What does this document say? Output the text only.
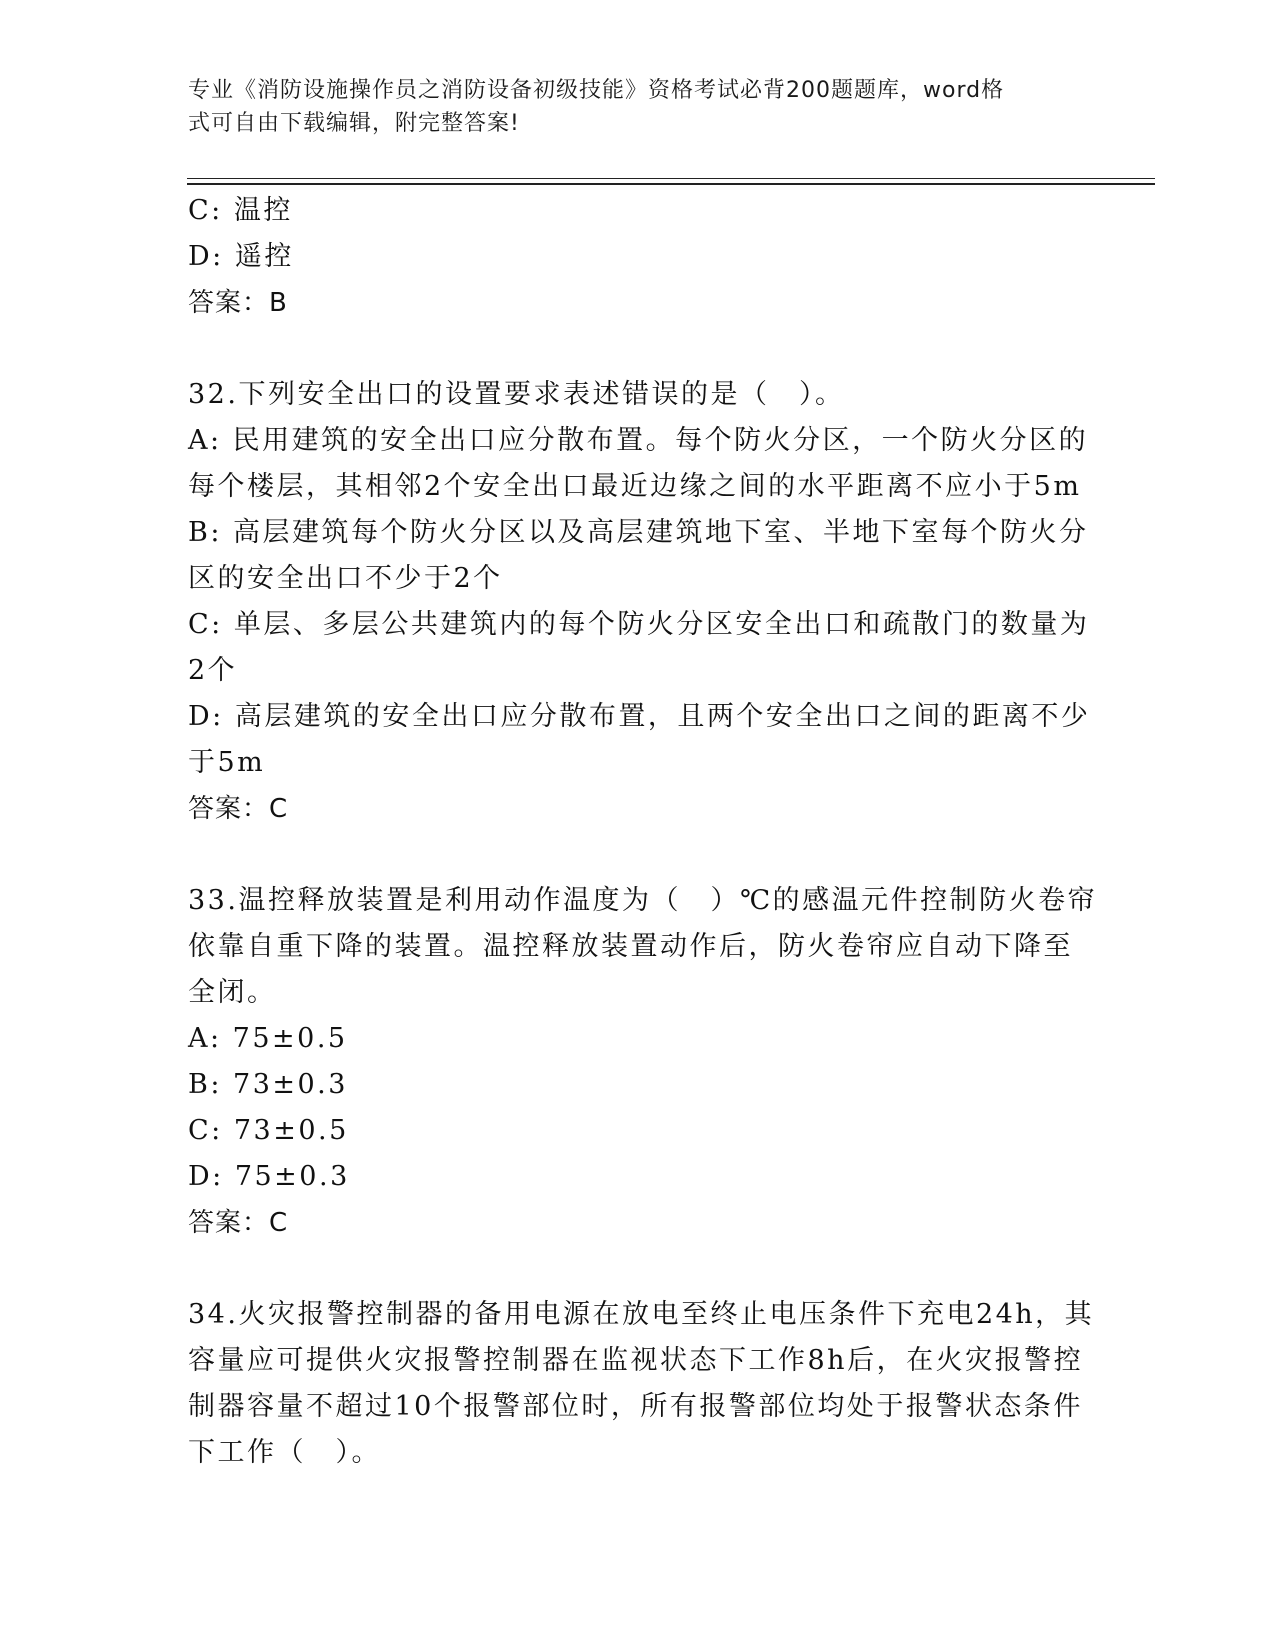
专业《消防设施操作员之消防设备初级技能》资格考试必背200题题库，word格
式可自由下载编辑，附完整答案!
C: 温控
D: 遥控
答案：B
32.下列安全出口的设置要求表述错误的是（　）。
A: 民用建筑的安全出口应分散布置。每个防火分区，一个防火分区的
每个楼层，其相邻2个安全出口最近边缘之间的水平距离不应小于5m
B: 高层建筑每个防火分区以及高层建筑地下室、半地下室每个防火分
区的安全出口不少于2个
C: 单层、多层公共建筑内的每个防火分区安全出口和疏散门的数量为
2个
D: 高层建筑的安全出口应分散布置，且两个安全出口之间的距离不少
于5m
答案：C
33.温控释放装置是利用动作温度为（　）℃的感温元件控制防火卷帘
依靠自重下降的装置。温控释放装置动作后，防火卷帘应自动下降至
全闭。
A: 75±0.5
B: 73±0.3
C: 73±0.5
D: 75±0.3
答案：C
34.火灾报警控制器的备用电源在放电至终止电压条件下充电24h，其
容量应可提供火灾报警控制器在监视状态下工作8h后，在火灾报警控
制器容量不超过10个报警部位时，所有报警部位均处于报警状态条件
下工作（　）。
